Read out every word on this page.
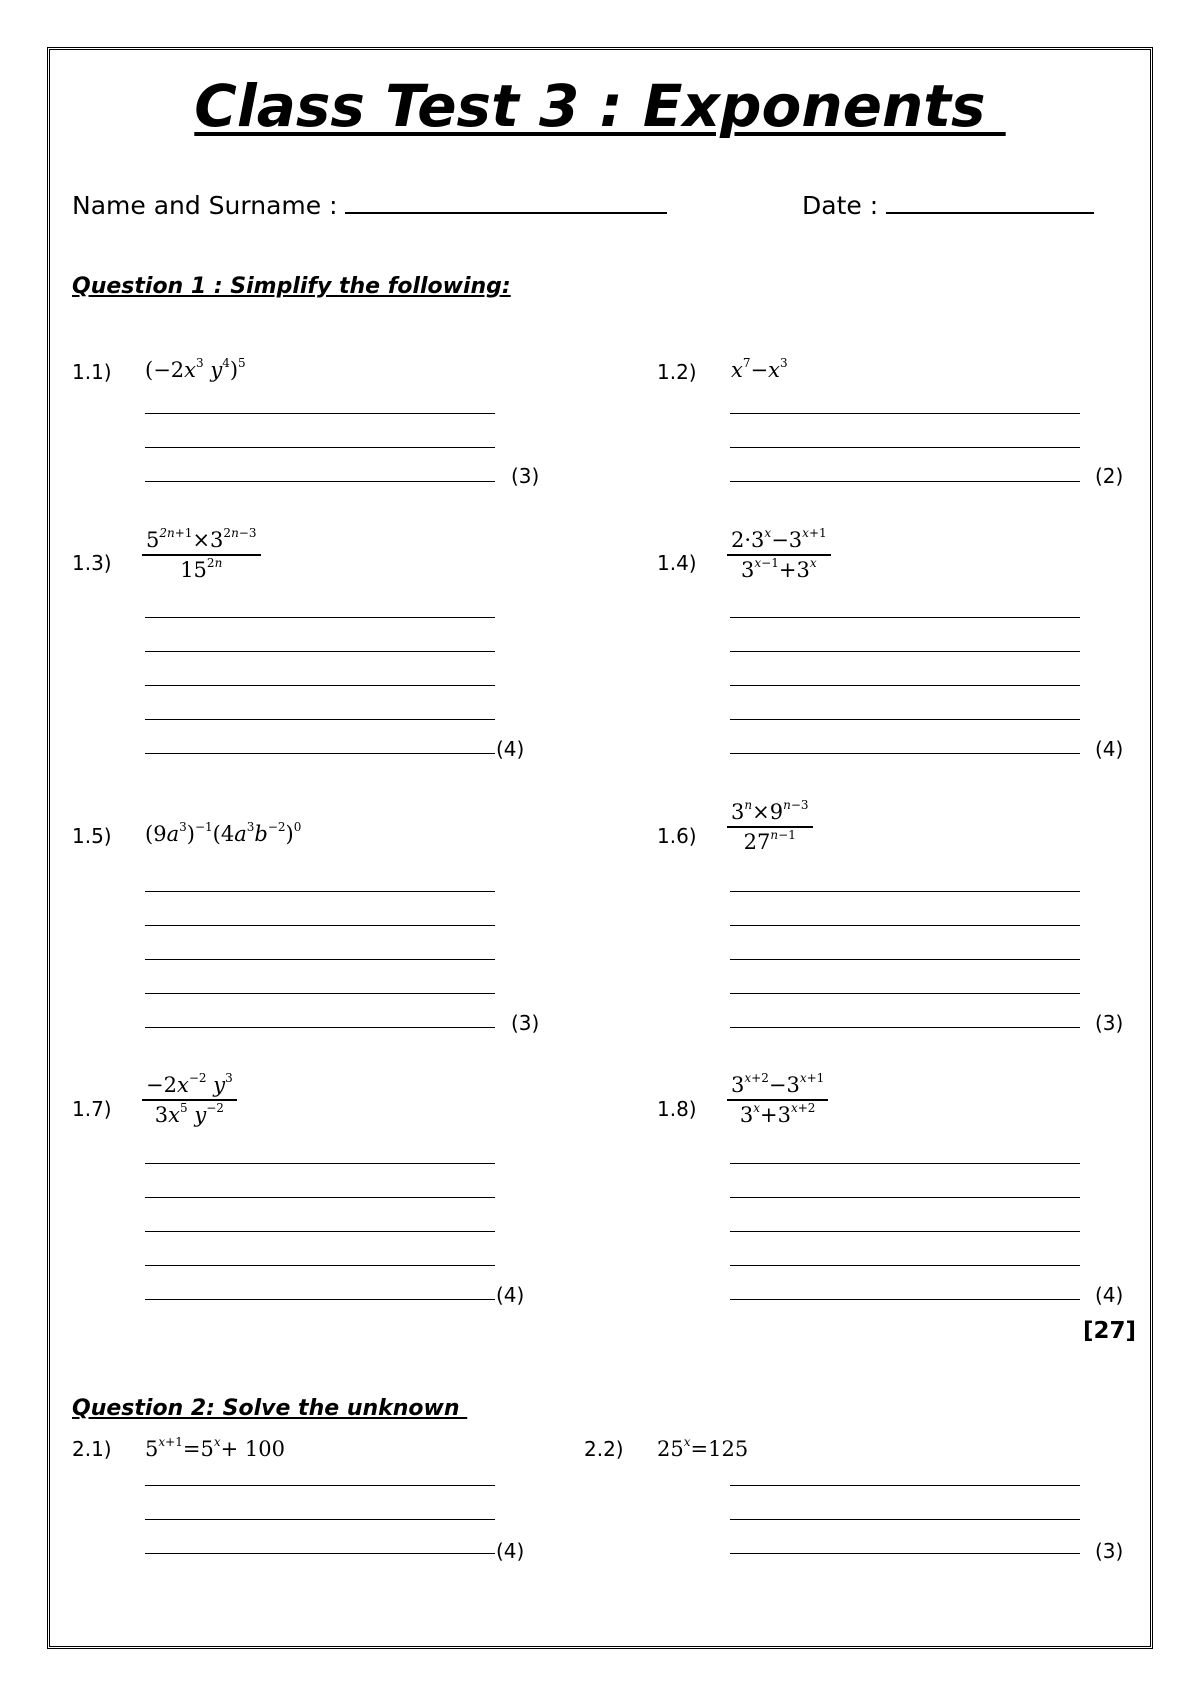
Class Test 3 : Exponents
Name and Surname :	Date :
Question 1 : Simplify the following:
1.1) ($-2x^3$ $y^4)^5$
(3)
1.2) $x^7-x^3$
(2)
$1.3) \frac{5^{2n+1}\times 3^{2n-3}}{15^{2n}}$
(4)
$1.4) \frac{2\cdot 3^x-3^{x+1}}{3^{x-1}+3^x}$
(4)
1.5) $(9a^3)^{-1}(4a^3b^{-2})^0$
(3)
$1.6) \frac{3^n\times 9^{n-3}}{27^{n-1}}$
(3)
$1.7) \frac{-2x^{-2} y^3}{3x^5 y^{-2}}$
(4)
$1.8) \frac{3^{x+2}-3^{x+1}}{3^x+3^{x+2}}$
(4)
[27]
Question 2: Solve the unknown
2.1) $5^{x+1}=5^x+ 100$
(4)
2.2) $25^x=125$
(3)
